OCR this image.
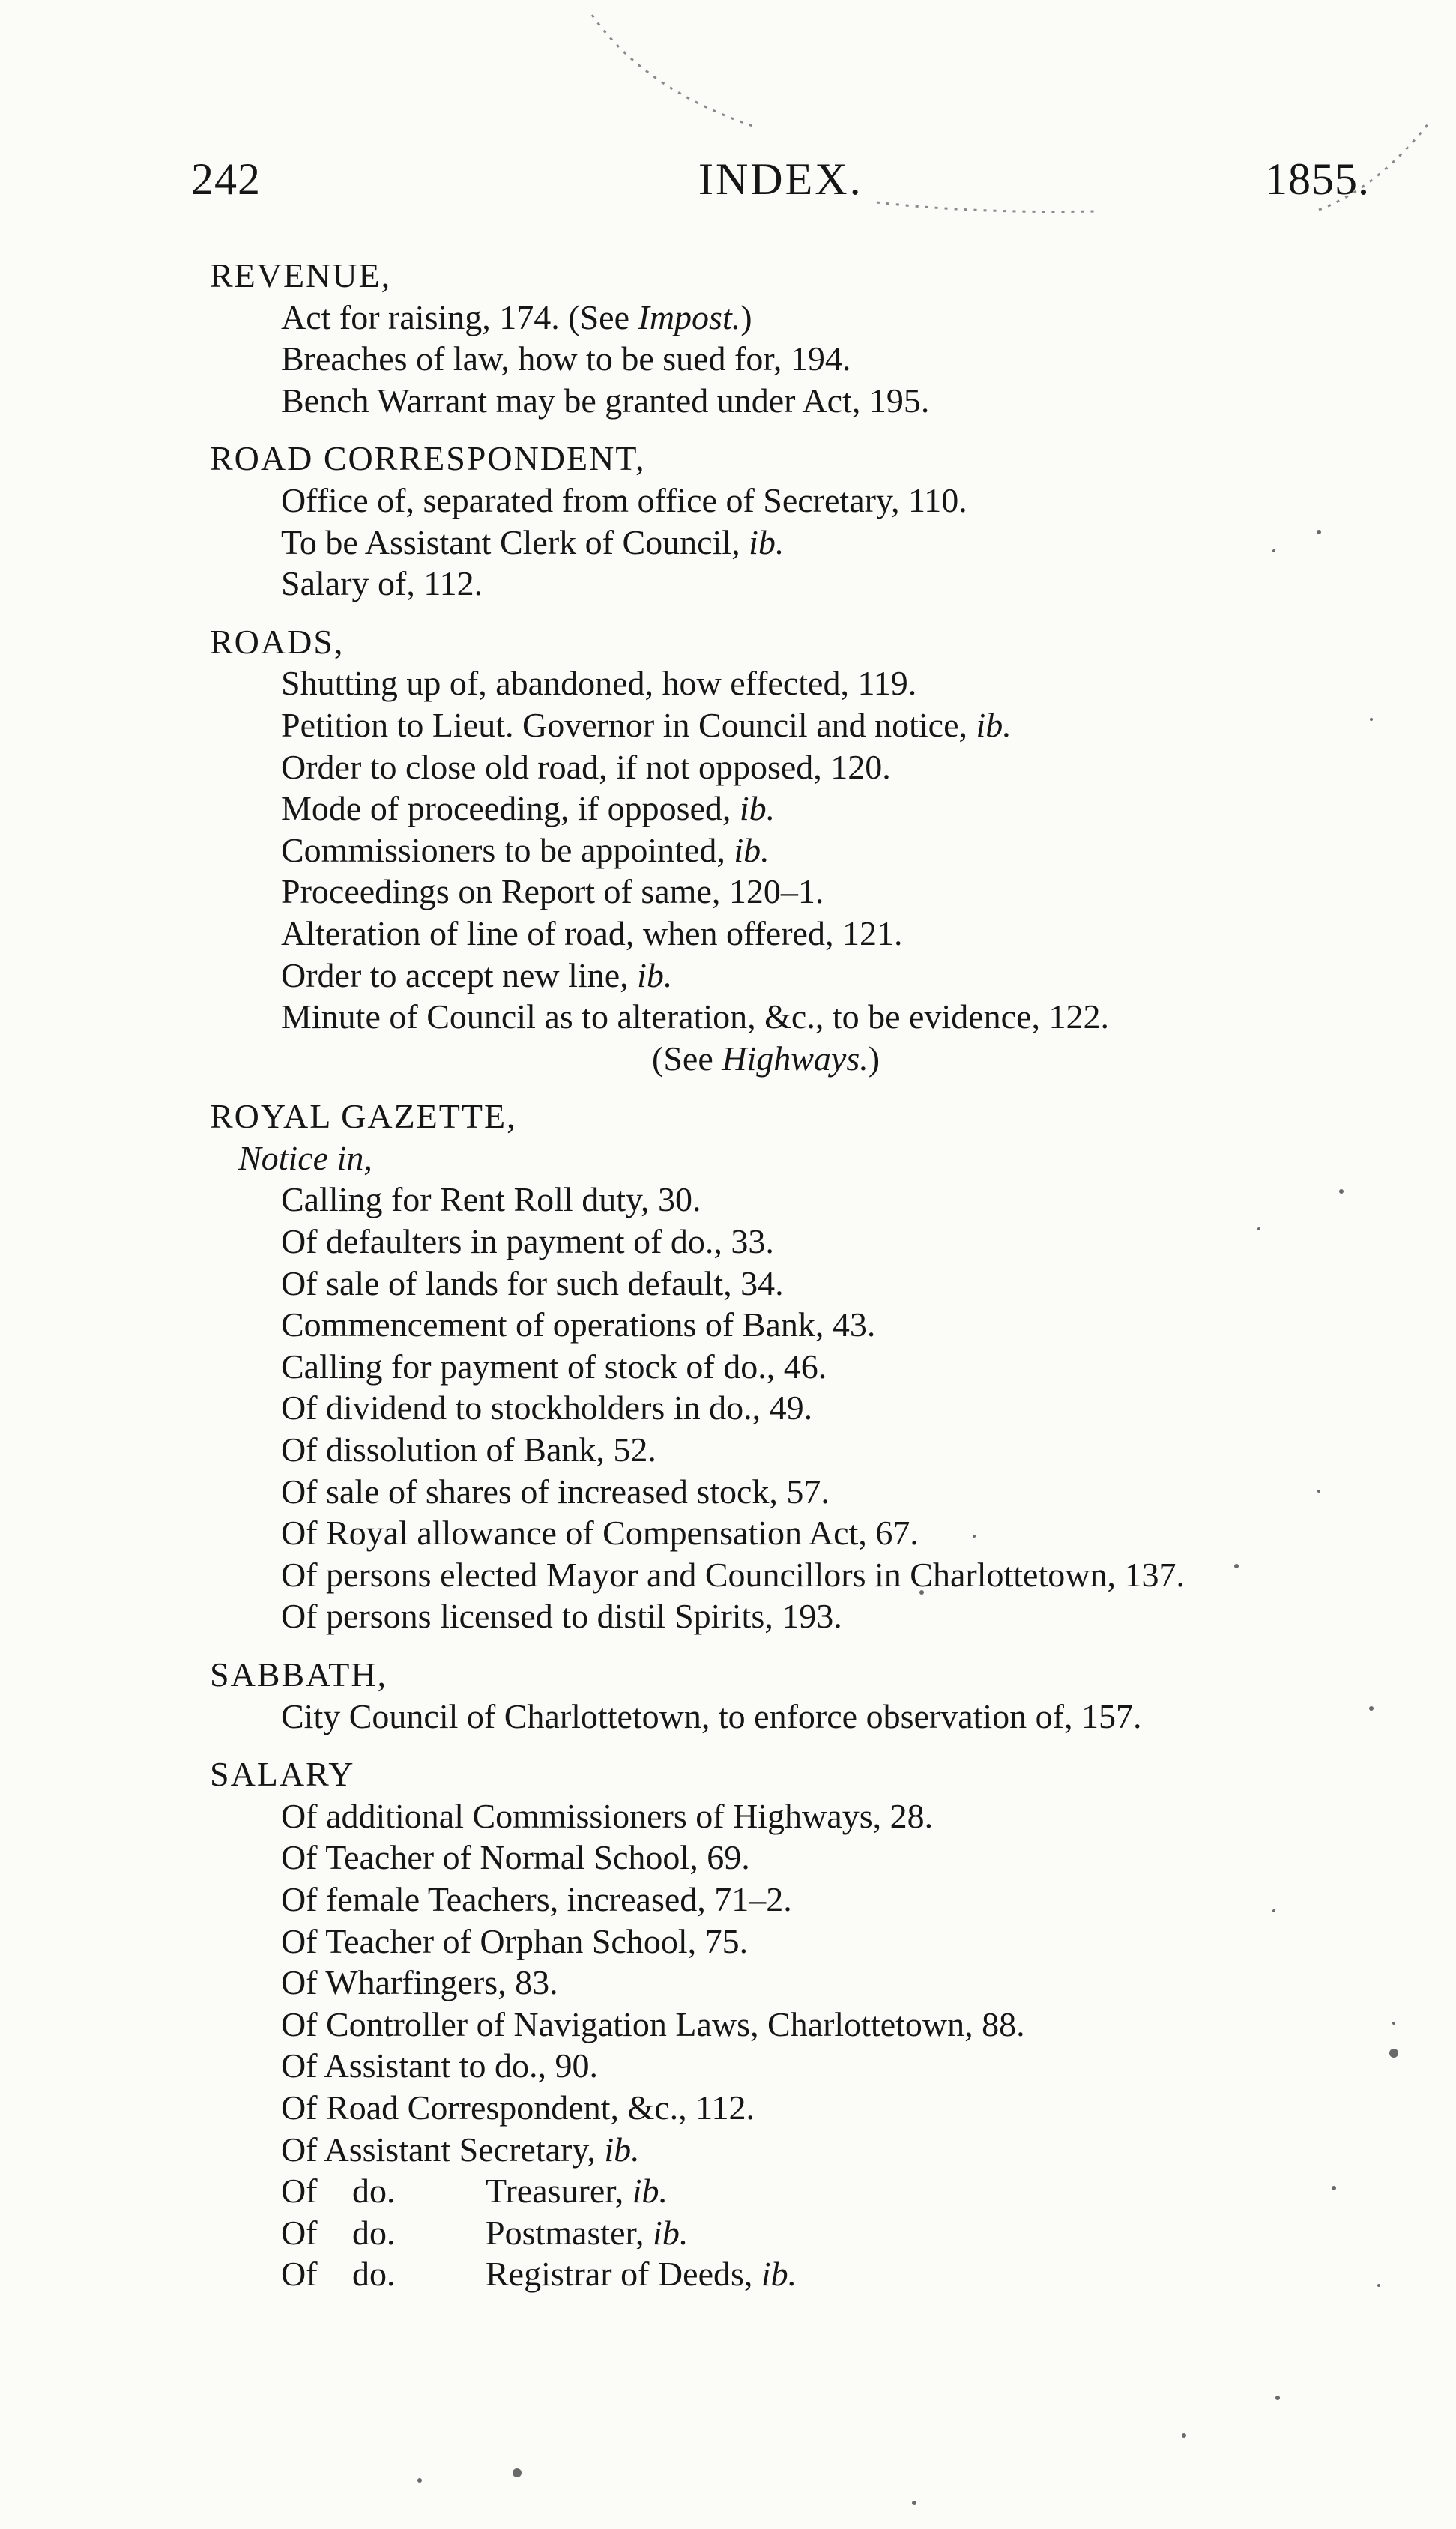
242	INDEX.	1855.
REVENUE,
Act for raising, 174. (See Impost.)
Breaches of law, how to be sued for, 194.
Bench Warrant may be granted under Act, 195.
ROAD CORRESPONDENT,
Office of, separated from office of Secretary, 110.
To be Assistant Clerk of Council, ib.
Salary of, 112.
ROADS,
Shutting up of, abandoned, how effected, 119.
Petition to Lieut. Governor in Council and notice, ib.
Order to close old road, if not opposed, 120.
Mode of proceeding, if opposed, ib.
Commissioners to be appointed, ib.
Proceedings on Report of same, 120–1.
Alteration of line of road, when offered, 121.
Order to accept new line, ib.
Minute of Council as to alteration, &c., to be evidence, 122.
(See Highways.)
ROYAL GAZETTE,
Notice in,
Calling for Rent Roll duty, 30.
Of defaulters in payment of do., 33.
Of sale of lands for such default, 34.
Commencement of operations of Bank, 43.
Calling for payment of stock of do., 46.
Of dividend to stockholders in do., 49.
Of dissolution of Bank, 52.
Of sale of shares of increased stock, 57.
Of Royal allowance of Compensation Act, 67.
Of persons elected Mayor and Councillors in Charlottetown, 137.
Of persons licensed to distil Spirits, 193.
SABBATH,
City Council of Charlottetown, to enforce observation of, 157.
SALARY
Of additional Commissioners of Highways, 28.
Of Teacher of Normal School, 69.
Of female Teachers, increased, 71–2.
Of Teacher of Orphan School, 75.
Of Wharfingers, 83.
Of Controller of Navigation Laws, Charlottetown, 88.
Of Assistant to do., 90.
Of Road Correspondent, &c., 112.
Of Assistant Secretary, ib.
Of do.	Treasurer, ib.
Of do.	Postmaster, ib.
Of do.	Registrar of Deeds, ib.
